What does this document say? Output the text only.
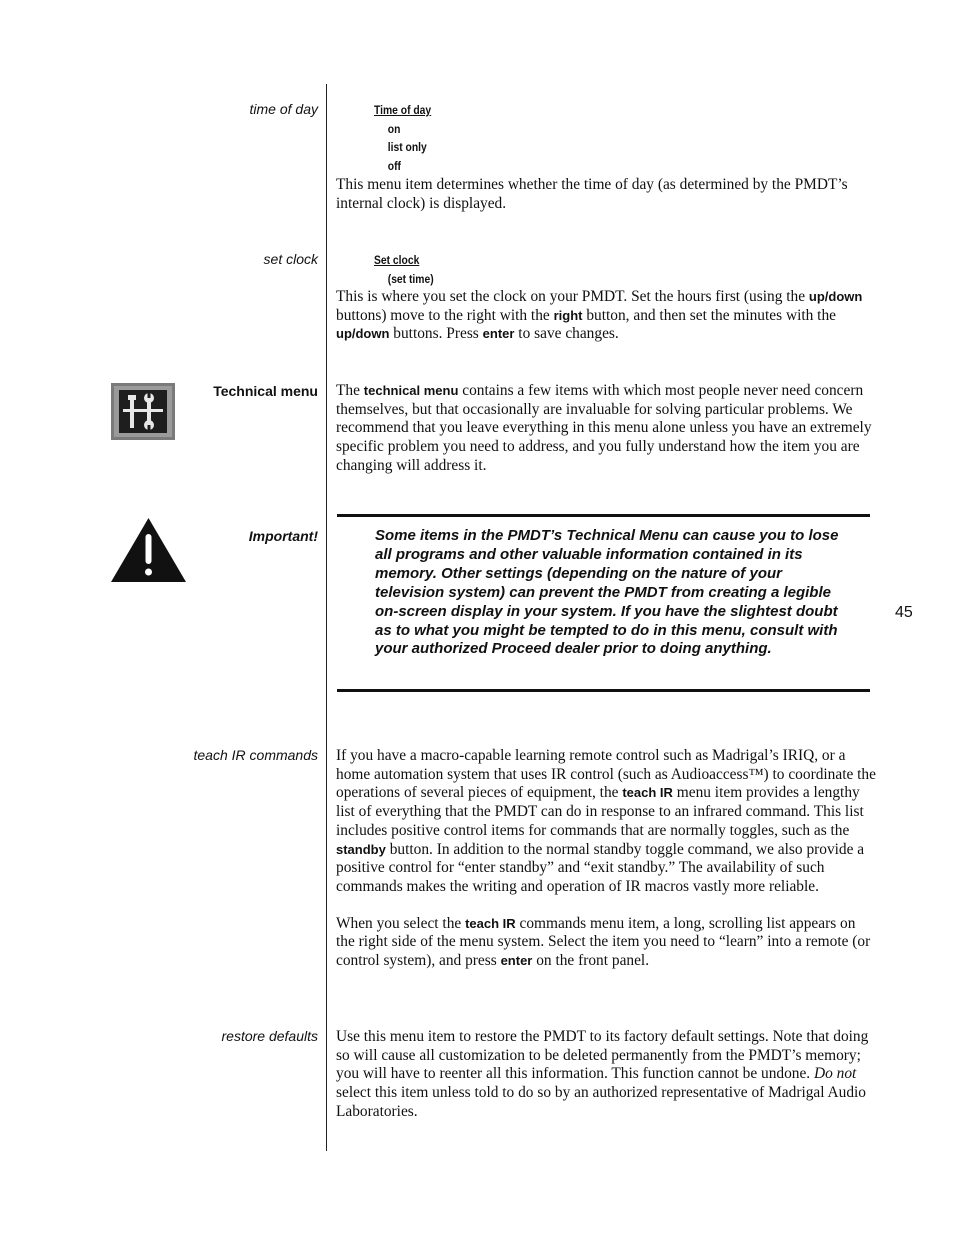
time of day	Time of day
on
list only
off

This menu item determines whether the time of day (as determined by the PMDT’s internal clock) is displayed.

set clock	Set clock
(set time)

This is where you set the clock on your PMDT. Set the hours first (using the up/down buttons) move to the right with the right button, and then set the minutes with the up/down buttons. Press enter to save changes.

Technical menu The technical menu contains a few items with which most people never need concern themselves, but that occasionally are invaluable for solving particular problems. We recommend that you leave everything in this menu alone unless you have an extremely specific problem you need to address, and you fully understand how the item you are changing will address it.

Important!	Some items in the PMDT’s Technical Menu can cause you to lose all programs and other valuable information contained in its memory. Other settings (depending on the nature of your television system) can prevent the PMDT from creating a legible on-screen display in your system. If you have the slightest doubt as to what you might be tempted to do in this menu, consult with your authorized Proceed dealer prior to doing anything.
45
teach IR commands If you have a macro-capable learning remote control such as Madrigal’s IRIQ, or a home automation system that uses IR control (such as Audioaccess™) to coordinate the operations of several pieces of equipment, the teach IR menu item provides a lengthy list of everything that the PMDT can do in response to an infrared command. This list includes positive control items for commands that are normally toggles, such as the standby button. In addition to the normal standby toggle command, we also provide a positive control for “enter standby” and “exit standby.” The availability of such commands makes the writing and operation of IR macros vastly more reliable.

When you select the teach IR commands menu item, a long, scrolling list appears on the right side of the menu system. Select the item you need to “learn” into a remote (or control system), and press enter on the front panel.

restore defaults Use this menu item to restore the PMDT to its factory default settings. Note that doing so will cause all customization to be deleted permanently from the PMDT’s memory; you will have to reenter all this information. This function cannot be undone. Do not select this item unless told to do so by an authorized representative of Madrigal Audio Laboratories.
